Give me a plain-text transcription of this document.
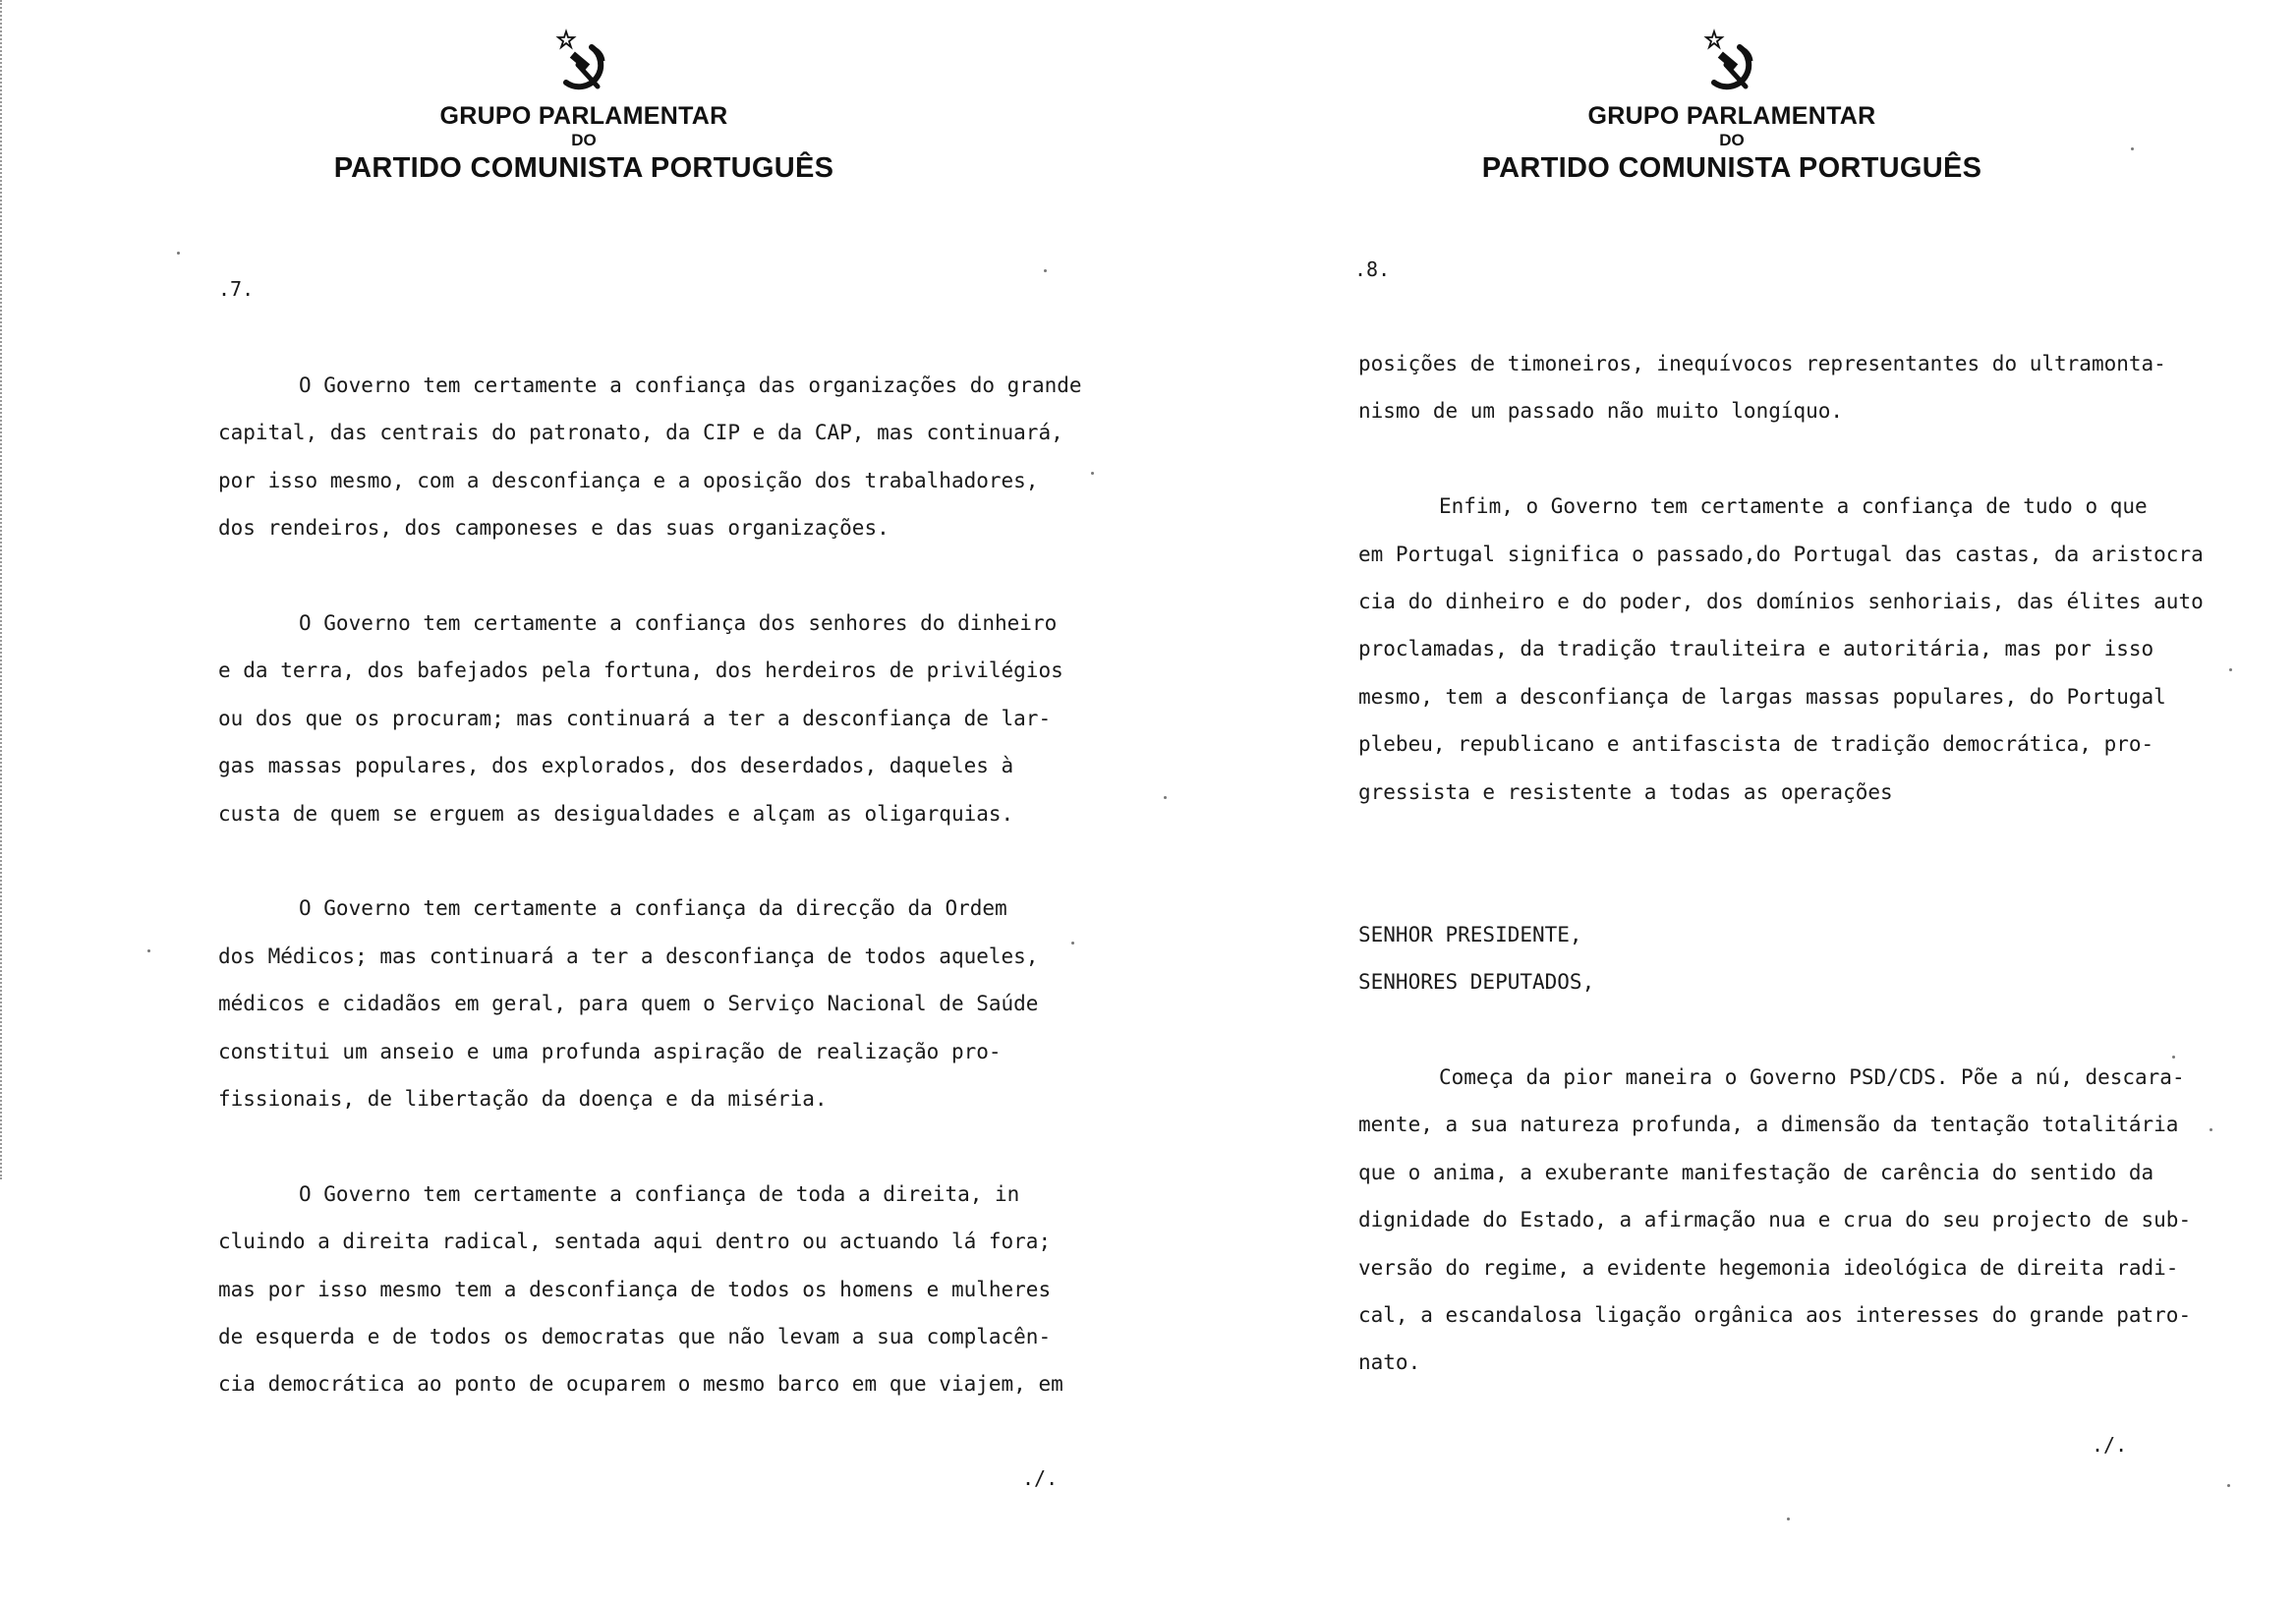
GRUPO PARLAMENTAR
DO
PARTIDO COMUNISTA PORTUGUÊS
.7.

O Governo tem certamente a confiança das organizações do grande
capital, das centrais do patronato, da CIP e da CAP, mas continuará,
por isso mesmo, com a desconfiança e a oposição dos trabalhadores,
dos rendeiros, dos camponeses e das suas organizações.

O Governo tem certamente a confiança dos senhores do dinheiro
e da terra, dos bafejados pela fortuna, dos herdeiros de privilégios
ou dos que os procuram; mas continuará a ter a desconfiança de lar-
gas massas populares, dos explorados, dos deserdados, daqueles à
custa de quem se erguem as desigualdades e alçam as oligarquias.

O Governo tem certamente a confiança da direcção da Ordem
dos Médicos; mas continuará a ter a desconfiança de todos aqueles,
médicos e cidadãos em geral, para quem o Serviço Nacional de Saúde
constitui um anseio e uma profunda aspiração de realização pro-
fissionais, de libertação da doença e da miséria.

O Governo tem certamente a confiança de toda a direita, in
cluindo a direita radical, sentada aqui dentro ou actuando lá fora;
mas por isso mesmo tem a desconfiança de todos os homens e mulheres
de esquerda e de todos os democratas que não levam a sua complacên-
cia democrática ao ponto de ocuparem o mesmo barco em que viajem, em

./.
GRUPO PARLAMENTAR
DO
PARTIDO COMUNISTA PORTUGUÊS
.8.

posições de timoneiros, inequívocos representantes do ultramonta-
nismo de um passado não muito longíquo.

Enfim, o Governo tem certamente a confiança de tudo o que
em Portugal significa o passado,do Portugal das castas, da aristocra
cia do dinheiro e do poder, dos domínios senhoriais, das élites auto
proclamadas, da tradição trauliteira e autoritária, mas por isso
mesmo, tem a desconfiança de largas massas populares, do Portugal
plebeu, republicano e antifascista de tradição democrática, pro-
gressista e resistente a todas as operações

SENHOR PRESIDENTE,
SENHORES DEPUTADOS,

Começa da pior maneira o Governo PSD/CDS. Põe a nú, descara-
mente, a sua natureza profunda, a dimensão da tentação totalitária
que o anima, a exuberante manifestação de carência do sentido da
dignidade do Estado, a afirmação nua e crua do seu projecto de sub-
versão do regime, a evidente hegemonia ideológica de direita radi-
cal, a escandalosa ligação orgânica aos interesses do grande patro-
nato.

./.
